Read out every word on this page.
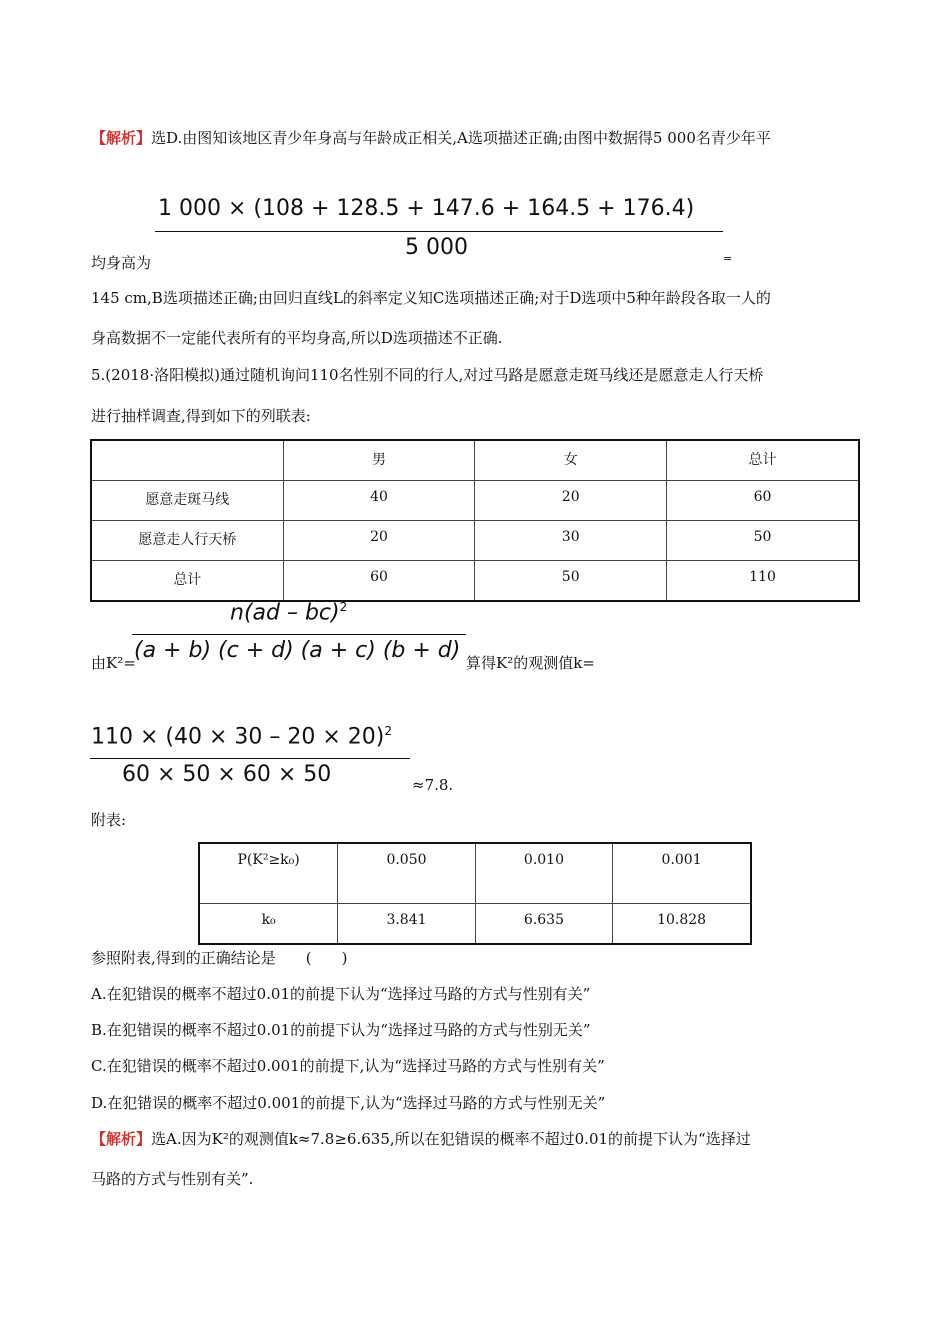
【解析】选D.由图知该地区青少年身高与年龄成正相关,A选项描述正确;由图中数据得5 000名青少年平
1 000 × (108 + 128.5 + 147.6 + 164.5 + 176.4)
5 000
均身高为	=
145 cm,B选项描述正确;由回归直线L的斜率定义知C选项描述正确;对于D选项中5种年龄段各取一人的
身高数据不一定能代表所有的平均身高,所以D选项描述不正确.
5.(2018·洛阳模拟)通过随机询问110名性别不同的行人,对过马路是愿意走斑马线还是愿意走人行天桥
进行抽样调查,得到如下的列联表:
	男	女	总计
愿意走斑马线	40	20	60
愿意走人行天桥	20	30	50
总计	60	50	110
n(ad – bc)$^2$
(a + b) (c + d) (a + c) (b + d)
由K²=	算得K²的观测值k=
$110 \times (40 \times 30 - 20 \times 20)^2$
60 × 50 × 60 × 50	≈7.8.
附表:
P(K²≥k₀)	0.050	0.010	0.001
k₀	3.841	6.635	10.828
参照附表,得到的正确结论是　　(　　)
A.在犯错误的概率不超过0.01的前提下认为“选择过马路的方式与性别有关”
B.在犯错误的概率不超过0.01的前提下认为“选择过马路的方式与性别无关”
C.在犯错误的概率不超过0.001的前提下,认为“选择过马路的方式与性别有关”
D.在犯错误的概率不超过0.001的前提下,认为“选择过马路的方式与性别无关”
【解析】选A.因为K²的观测值k≈7.8≥6.635,所以在犯错误的概率不超过0.01的前提下认为“选择过
马路的方式与性别有关”.
